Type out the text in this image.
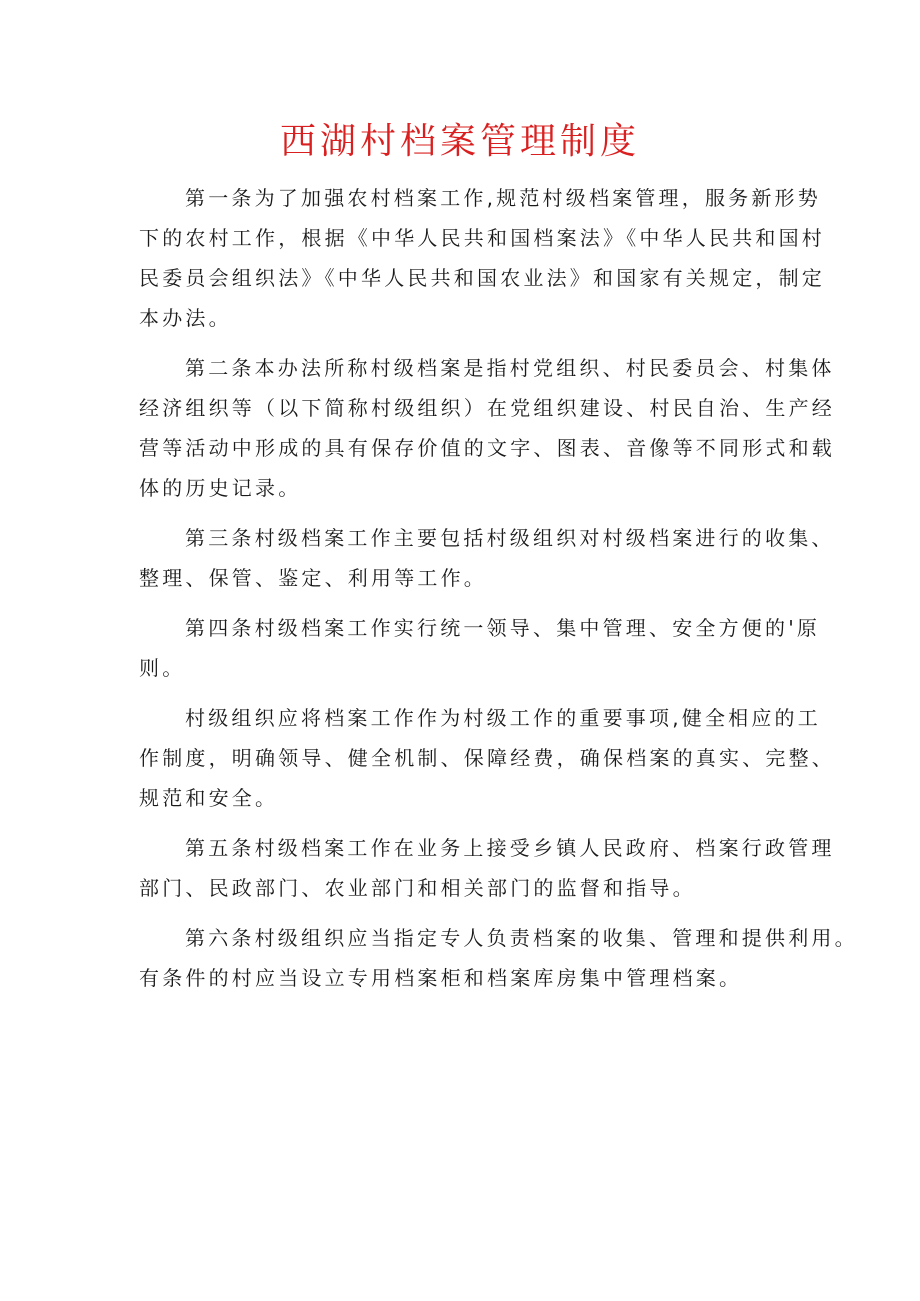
西湖村档案管理制度

第一条为了加强农村档案工作,规范村级档案管理，服务新形势
下的农村工作，根据《中华人民共和国档案法》《中华人民共和国村
民委员会组织法》《中华人民共和国农业法》和国家有关规定，制定
本办法。

第二条本办法所称村级档案是指村党组织、村民委员会、村集体
经济组织等（以下简称村级组织）在党组织建设、村民自治、生产经
营等活动中形成的具有保存价值的文字、图表、音像等不同形式和载
体的历史记录。

第三条村级档案工作主要包括村级组织对村级档案进行的收集、
整理、保管、鉴定、利用等工作。

第四条村级档案工作实行统一领导、集中管理、安全方便的'原
则。

村级组织应将档案工作作为村级工作的重要事项,健全相应的工
作制度，明确领导、健全机制、保障经费，确保档案的真实、完整、
规范和安全。

第五条村级档案工作在业务上接受乡镇人民政府、档案行政管理
部门、民政部门、农业部门和相关部门的监督和指导。

第六条村级组织应当指定专人负责档案的收集、管理和提供利用。
有条件的村应当设立专用档案柜和档案库房集中管理档案。
